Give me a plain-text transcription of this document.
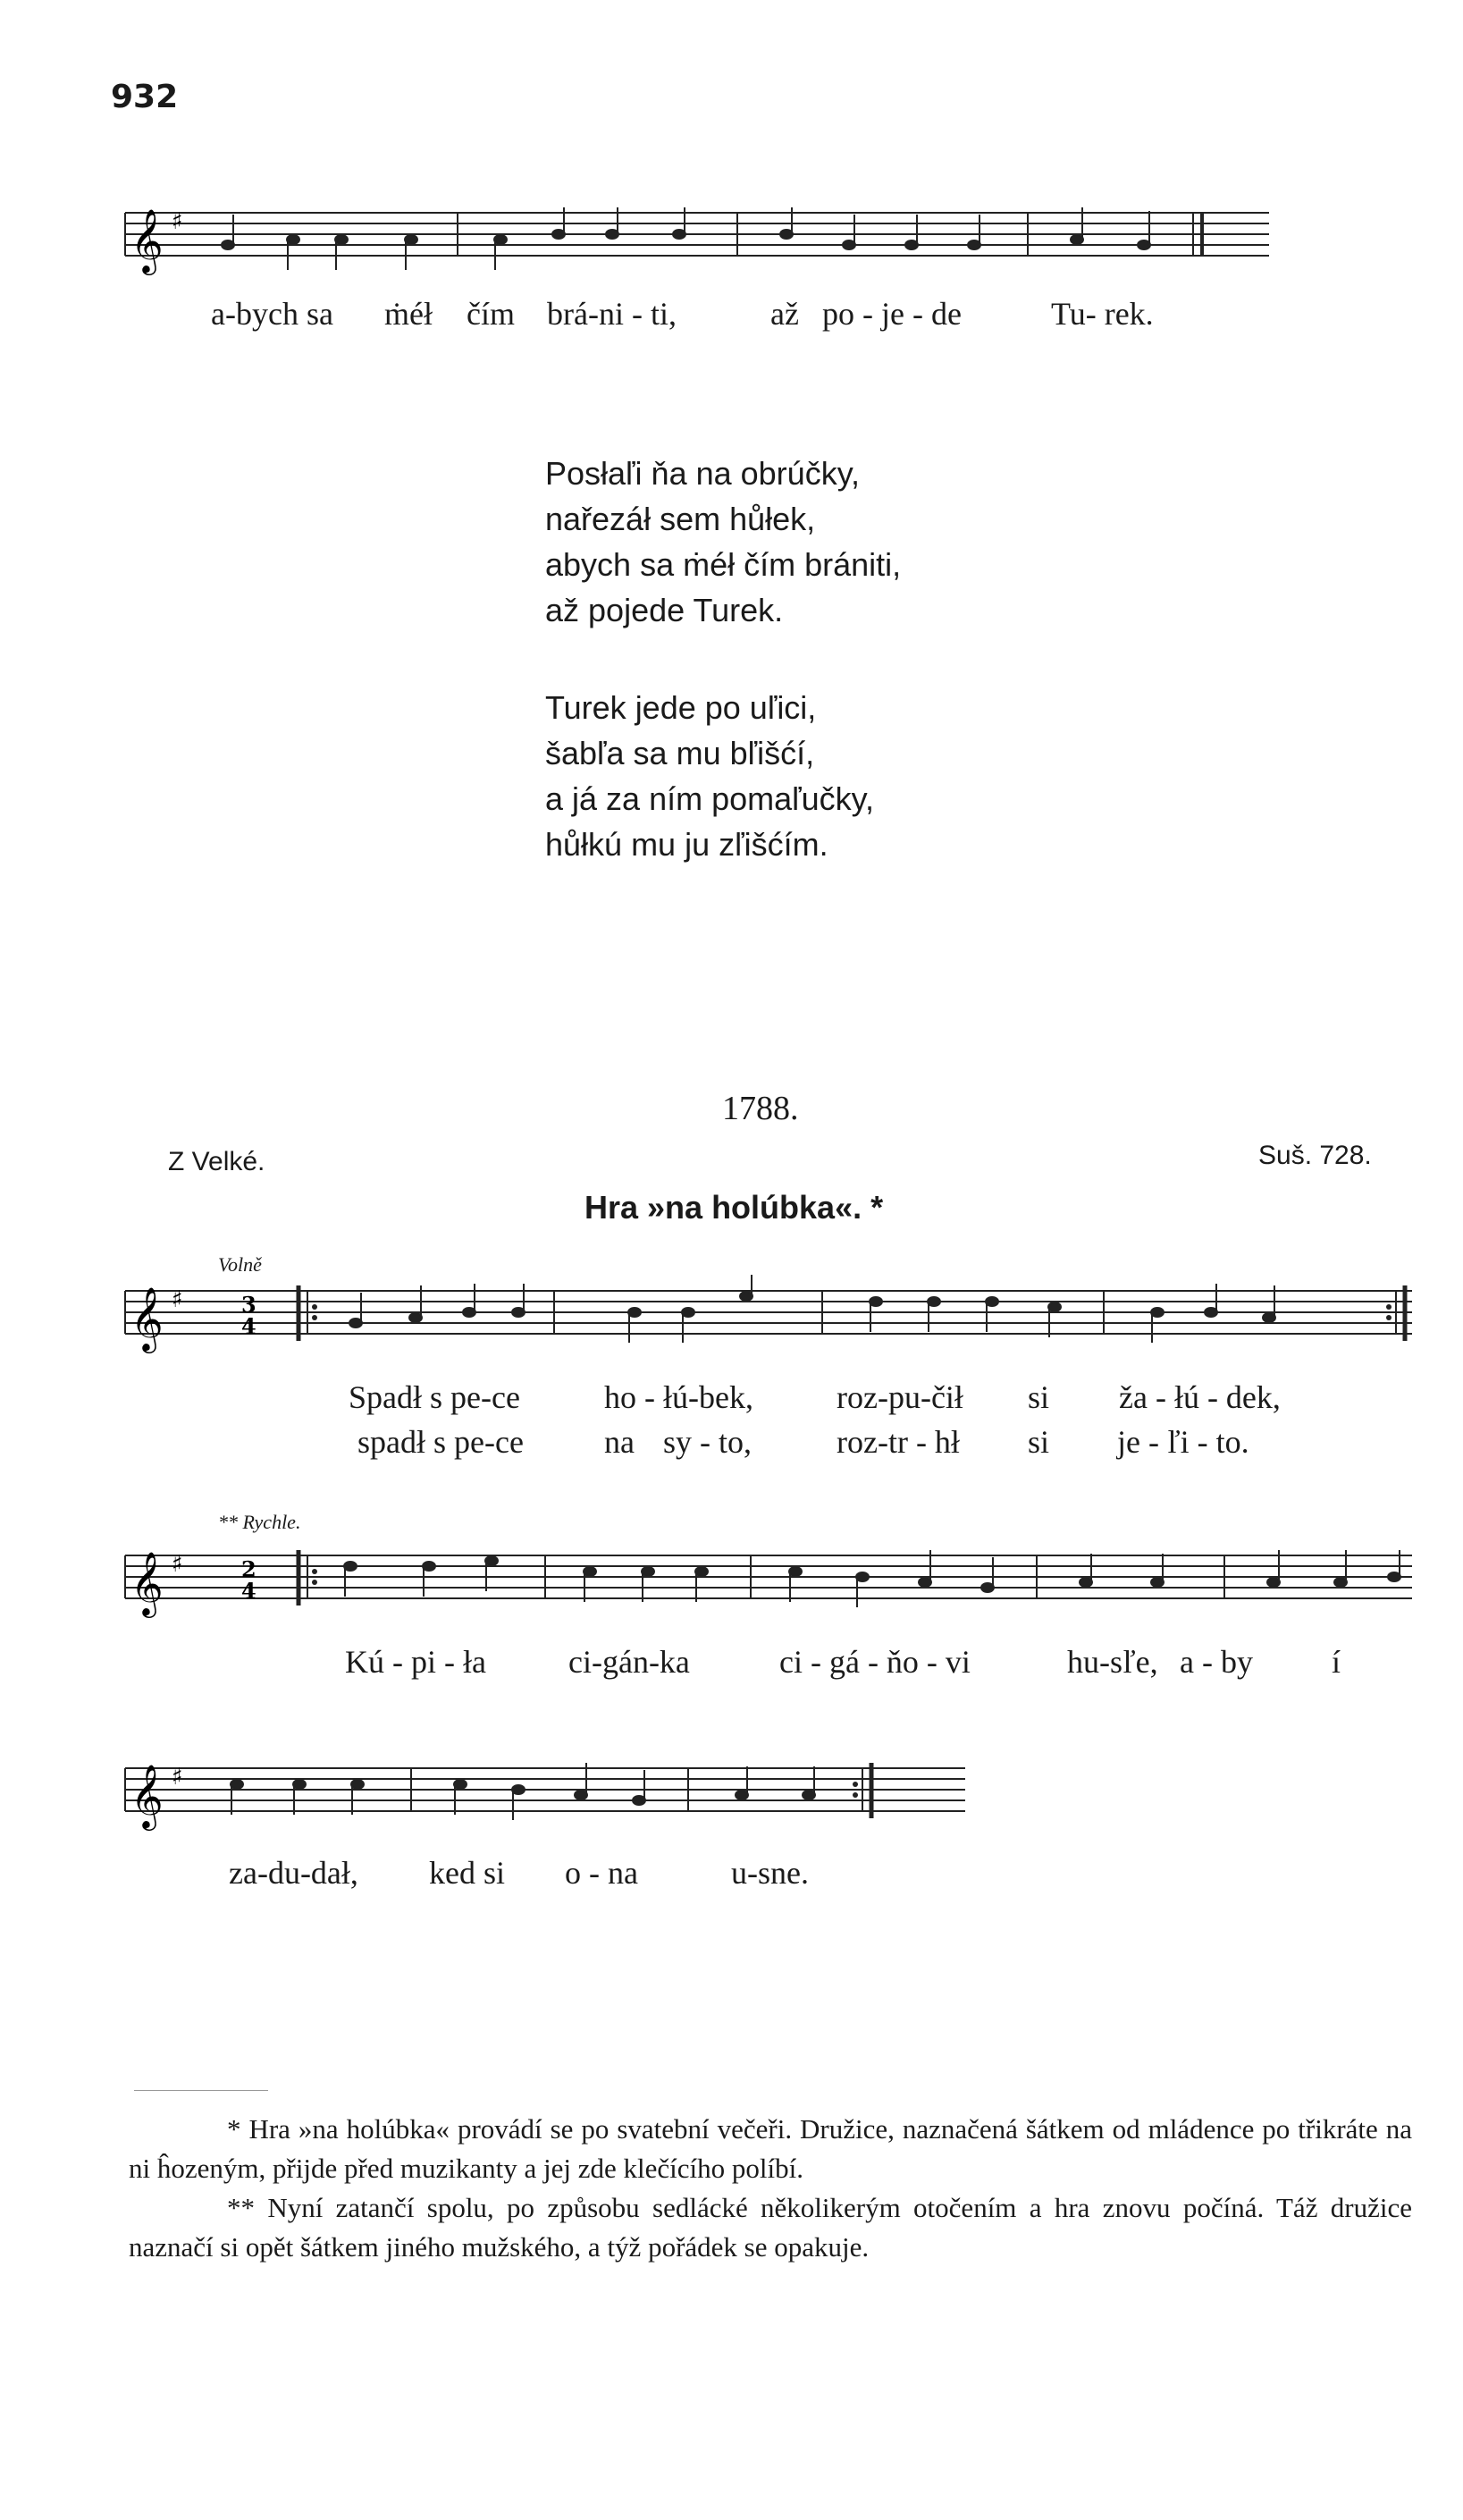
932
𝄞 ♯
a-bych sa ṁéł čím brá-ni - ti,	až po - je - de	Tu- rek.
Posłaľi ňa na obrúčky,
nařezáł sem hůłek,
abych sa ṁéł čím brániti,
až pojede Turek.
Turek jede po uľici,
šabľa sa mu bľišćí,
a já za ním pomaľučky,
hůłkú mu ju zľišćím.
1788.
Z Velké.	Suš. 728.
Hra »na holúbka«. *
Volně
𝄞 ♯	3
4
Spadł s pe-ce	ho - łú-bek,	roz-pu-čił si ža - łú - dek,
spadł s pe-ce	na sy - to,	roz-tr - hł si je - ľi - to.
** Rychle.
𝄞 ♯	2
4
Kú - pi - ła	ci-gán-ka	ci - gá - ňo - vi	hu-sľe, a - by í
𝄞 ♯
za-du-dał, ked si o - na	u-sne.

* Hra »na holúbka« provádí se po svatební večeři. Družice, naznačená šátkem od mládence po třikráte na ni ĥozeným, přijde před muzikanty a jej zde klečícího políbí.

** Nyní zatančí spolu, po způsobu sedlácké několikerým otočením a hra znovu počíná. Táž družice naznačí si opět šátkem jiného mužského, a týž pořádek se opakuje.
